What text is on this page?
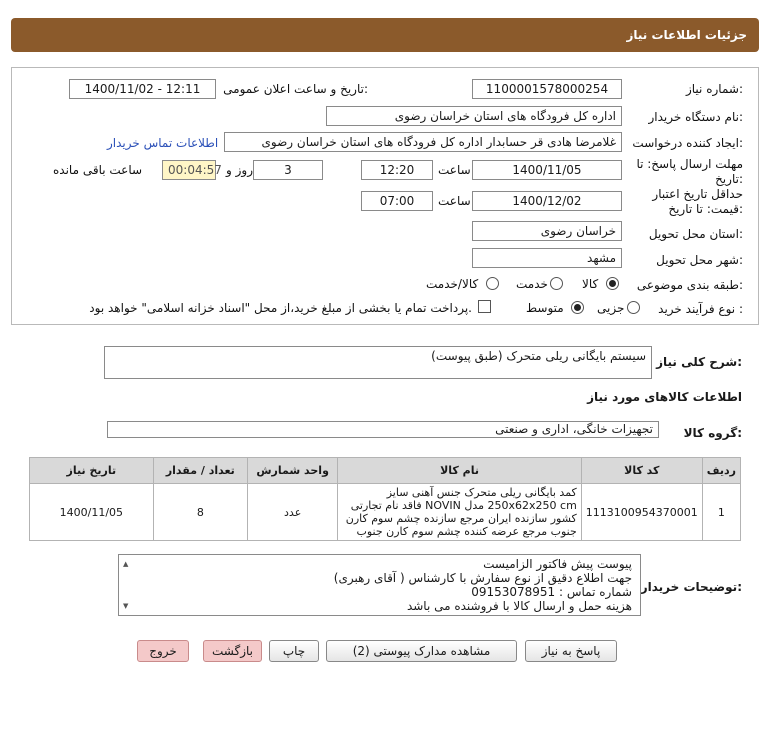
جزئیات اطلاعات نیاز
شماره نیاز:
1100001578000254
تاریخ و ساعت اعلان عمومی:
1400/11/02 - 12:11
نام دستگاه خریدار:
اداره کل فرودگاه های استان خراسان رضوی
ایجاد کننده درخواست:
غلامرضا هادی قر حسابدار اداره کل فرودگاه های استان خراسان رضوی
اطلاعات تماس خریدار
مهلت ارسال پاسخ: تا
تاریخ:
1400/11/05
ساعت
12:20
3
روز و
00:04:57
ساعت باقی مانده
حداقل تاریخ اعتبار
قیمت: تا تاریخ:
1400/12/02
ساعت
07:00
استان محل تحویل:
خراسان رضوی
شهر محل تحویل:
مشهد
طبقه بندی موضوعی:
کالا
خدمت
کالا/خدمت
نوع فرآیند خرید :
جزیی
متوسط
پرداخت تمام یا بخشی از مبلغ خرید،از محل "اسناد خزانه اسلامی" خواهد بود.
شرح کلی نیاز:
سیستم بایگانی ریلی متحرک (طبق پیوست)
اطلاعات کالاهای مورد نیاز
گروه کالا:
تجهیزات خانگی، اداری و صنعتی
ردیف	کد کالا	نام کالا	واحد شمارش	تعداد / مقدار	تاریخ نیاز
1	1113100954370001	کمد بایگانی ریلی متحرک جنس آهنی سایز 250x62x250 cm مدل NOVIN فاقد نام تجارتی کشور سازنده ایران مرجع سازنده چشم سوم کارن جنوب مرجع عرضه کننده چشم سوم کارن جنوب	عدد	8	1400/11/05
توضیحات خریدار:
پیوست پیش فاکتور الزامیست
جهت اطلاع دقیق از نوع سفارش با کارشناس ( آقای رهبری)
شماره تماس : 09153078951
هزینه حمل و ارسال کالا با فروشنده می باشد
▲
▼
پاسخ به نیاز
مشاهده مدارک پیوستی (2)
چاپ
بازگشت
خروج
